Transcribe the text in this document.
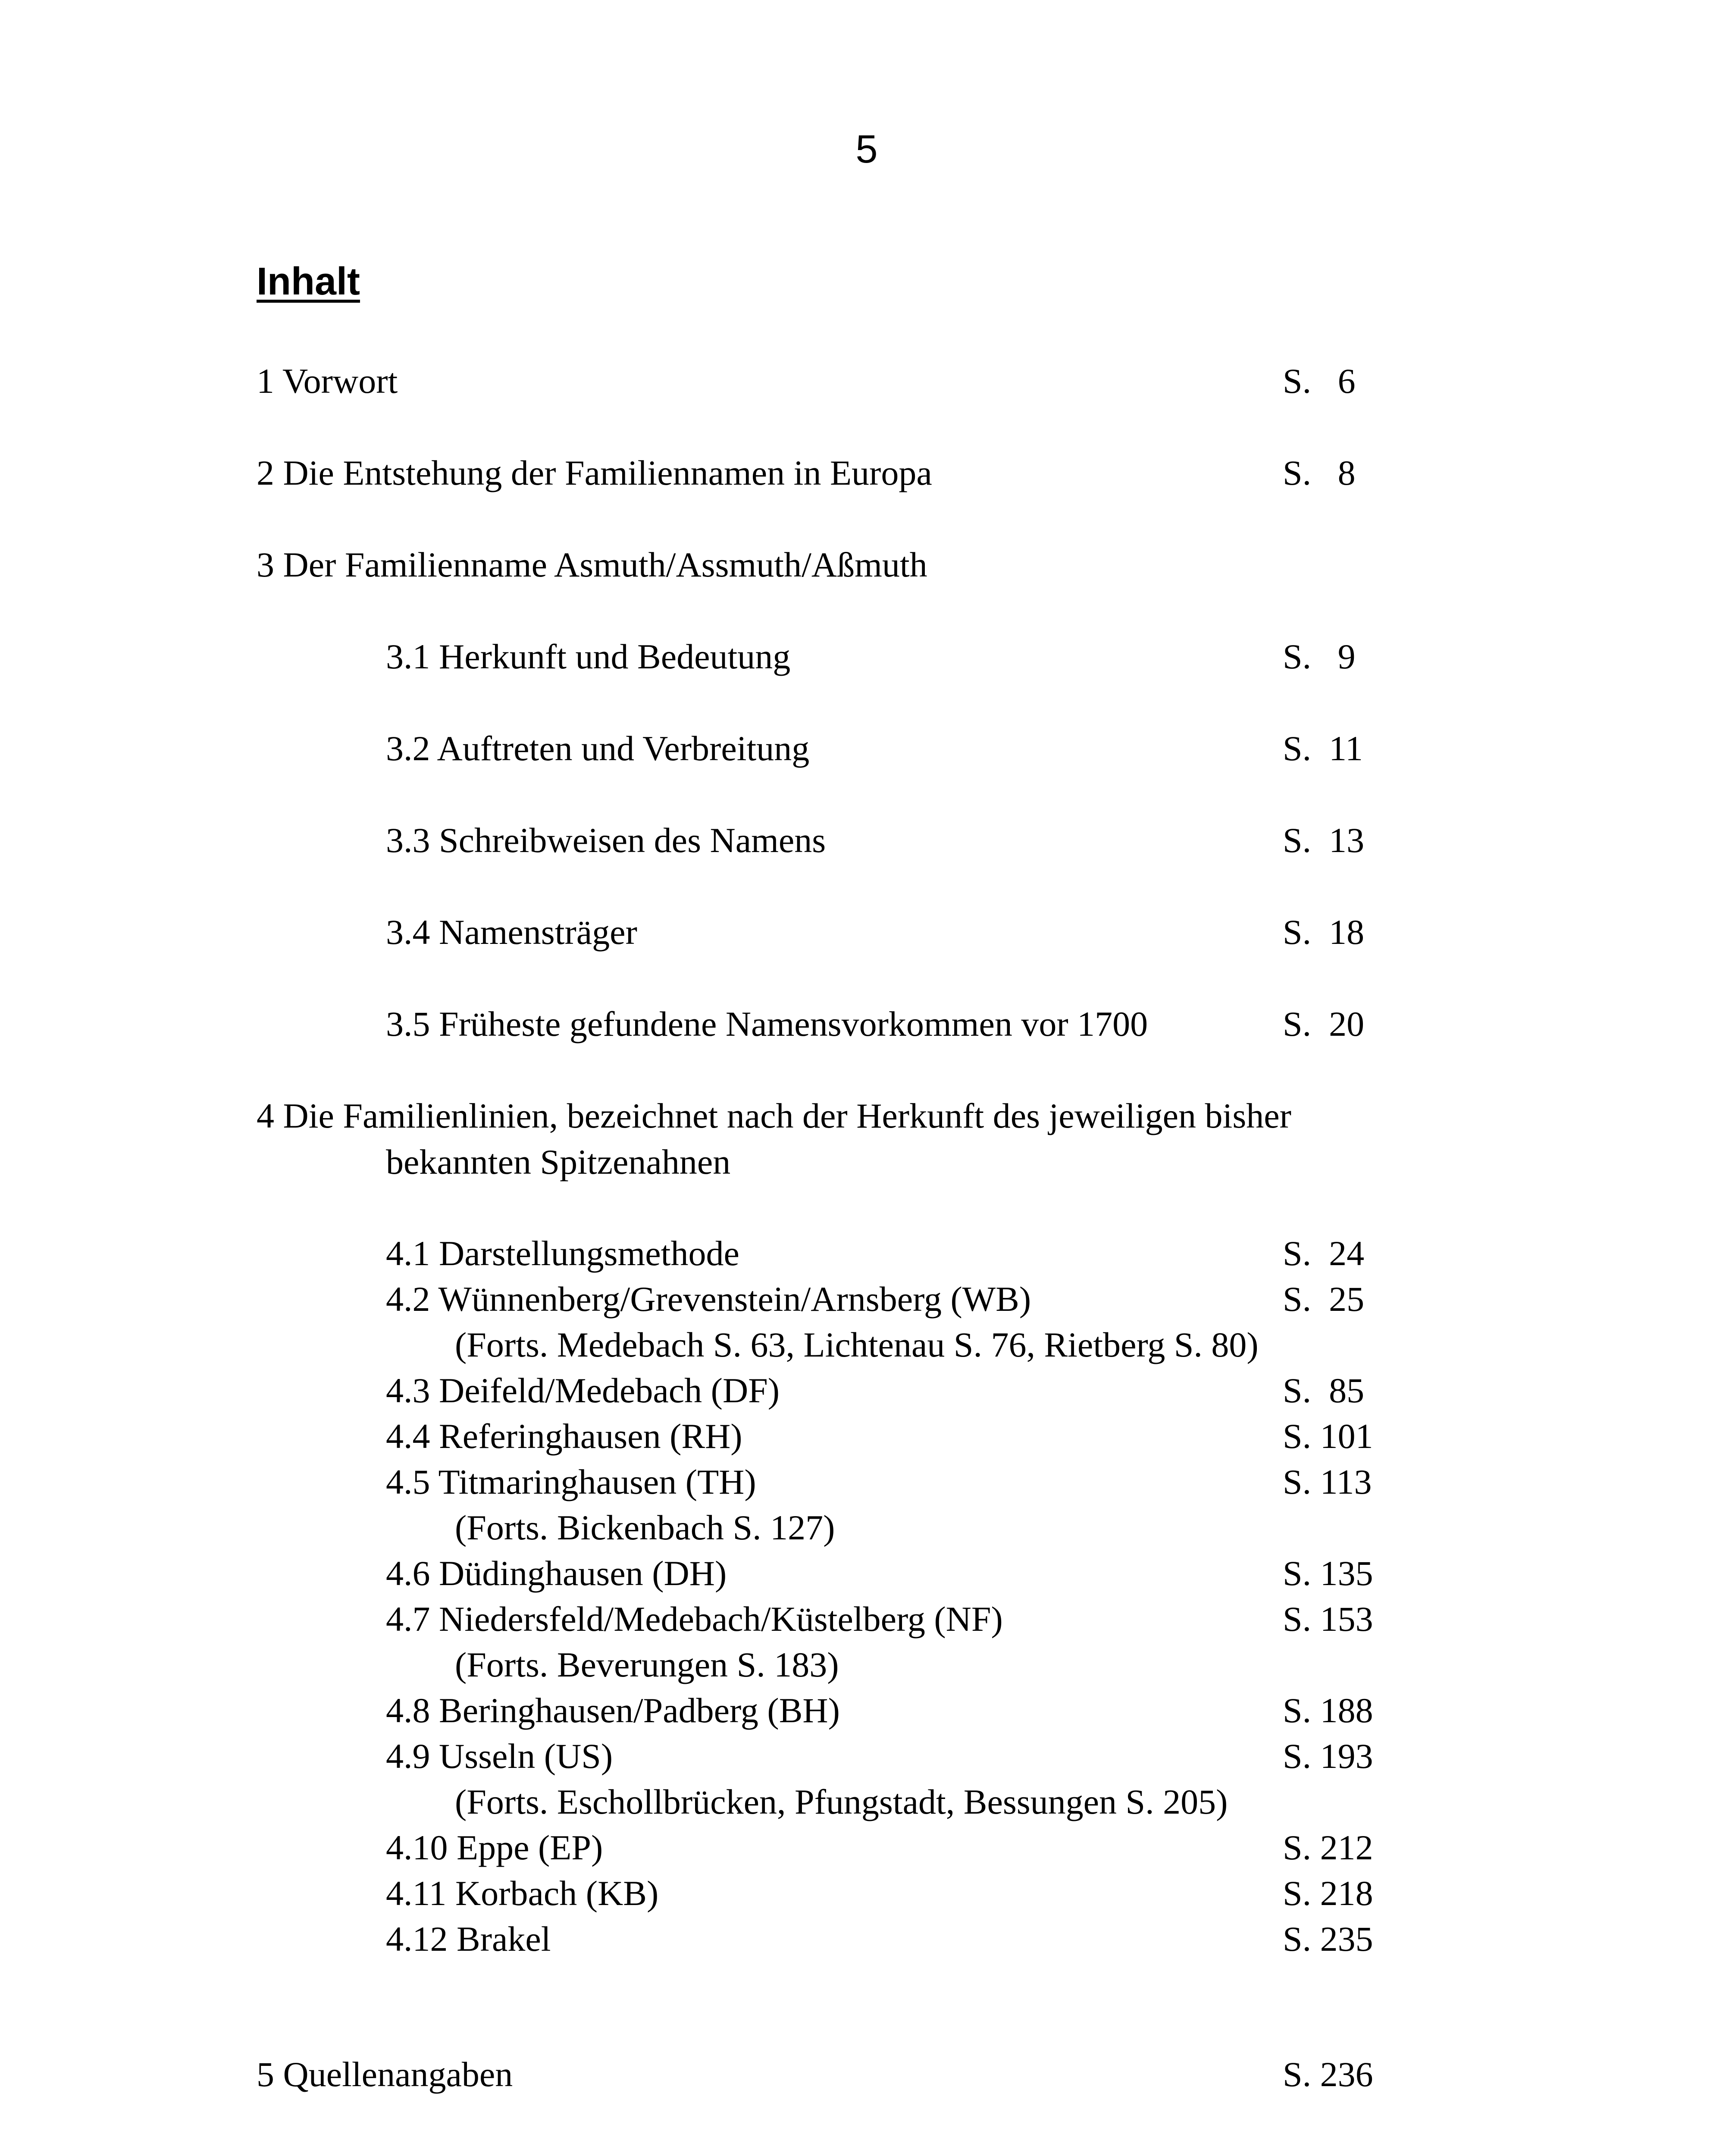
5
Inhalt
1 Vorwort	S.   6
2 Die Entstehung der Familiennamen in Europa	S.   8
3 Der Familienname Asmuth/Assmuth/Aßmuth
3.1 Herkunft und Bedeutung	S.   9
3.2 Auftreten und Verbreitung	S.  11
3.3 Schreibweisen des Namens	S.  13
3.4 Namensträger	S.  18
3.5 Früheste gefundene Namensvorkommen vor 1700	S.  20
4 Die Familienlinien, bezeichnet nach der Herkunft des jeweiligen bisher
bekannten Spitzenahnen
4.1 Darstellungsmethode	S.  24
4.2 Wünnenberg/Grevenstein/Arnsberg (WB)	S.  25
(Forts. Medebach S. 63, Lichtenau S. 76, Rietberg S. 80)
4.3 Deifeld/Medebach (DF)	S.  85
4.4 Referinghausen (RH)	S. 101
4.5 Titmaringhausen (TH)	S. 113
(Forts. Bickenbach S. 127)
4.6 Düdinghausen (DH)	S. 135
4.7 Niedersfeld/Medebach/Küstelberg (NF)	S. 153
(Forts. Beverungen S. 183)
4.8 Beringhausen/Padberg (BH)	S. 188
4.9 Usseln (US)	S. 193
(Forts. Eschollbrücken, Pfungstadt, Bessungen S. 205)
4.10 Eppe (EP)	S. 212
4.11 Korbach (KB)	S. 218
4.12 Brakel	S. 235
5 Quellenangaben	S. 236
